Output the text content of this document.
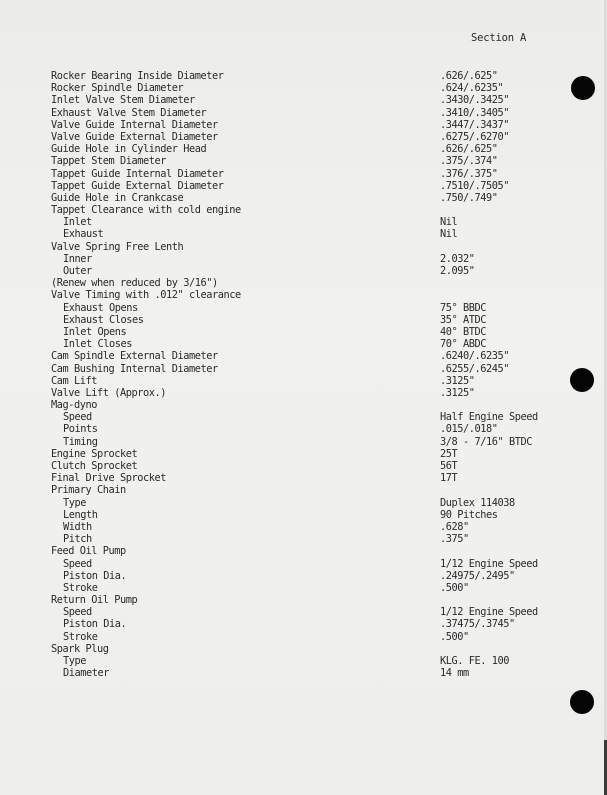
Section A
Rocker Bearing Inside Diameter	.626/.625"
Rocker Spindle Diameter	.624/.6235"
Inlet Valve Stem Diameter	.3430/.3425"
Exhaust Valve Stem Diameter	.3410/.3405"
Valve Guide Internal Diameter	.3447/.3437"
Valve Guide External Diameter	.6275/.6270"
Guide Hole in Cylinder Head	.626/.625"
Tappet Stem Diameter	.375/.374"
Tappet Guide Internal Diameter	.376/.375"
Tappet Guide External Diameter	.7510/.7505"
Guide Hole in Crankcase	.750/.749"
Tappet Clearance with cold engine
Inlet	Nil
Exhaust	Nil
Valve Spring Free Lenth
Inner	2.032"
Outer	2.095"
(Renew when reduced by 3/16")
Valve Timing with .012" clearance
Exhaust Opens	75° BBDC
Exhaust Closes	35° ATDC
Inlet Opens	40° BTDC
Inlet Closes	70° ABDC
Cam Spindle External Diameter	.6240/.6235"
Cam Bushing Internal Diameter	.6255/.6245"
Cam Lift	.3125"
Valve Lift (Approx.)	.3125"
Mag-dyno
Speed	Half Engine Speed
Points	.015/.018"
Timing	3/8 - 7/16" BTDC
Engine Sprocket	25T
Clutch Sprocket	56T
Final Drive Sprocket	17T
Primary Chain
Type	Duplex 114038
Length	90 Pitches
Width	.628"
Pitch	.375"
Feed Oil Pump
Speed	1/12 Engine Speed
Piston Dia.	.24975/.2495"
Stroke	.500"
Return Oil Pump
Speed	1/12 Engine Speed
Piston Dia.	.37475/.3745"
Stroke	.500"
Spark Plug
Type	KLG. FE. 100
Diameter	14 mm
